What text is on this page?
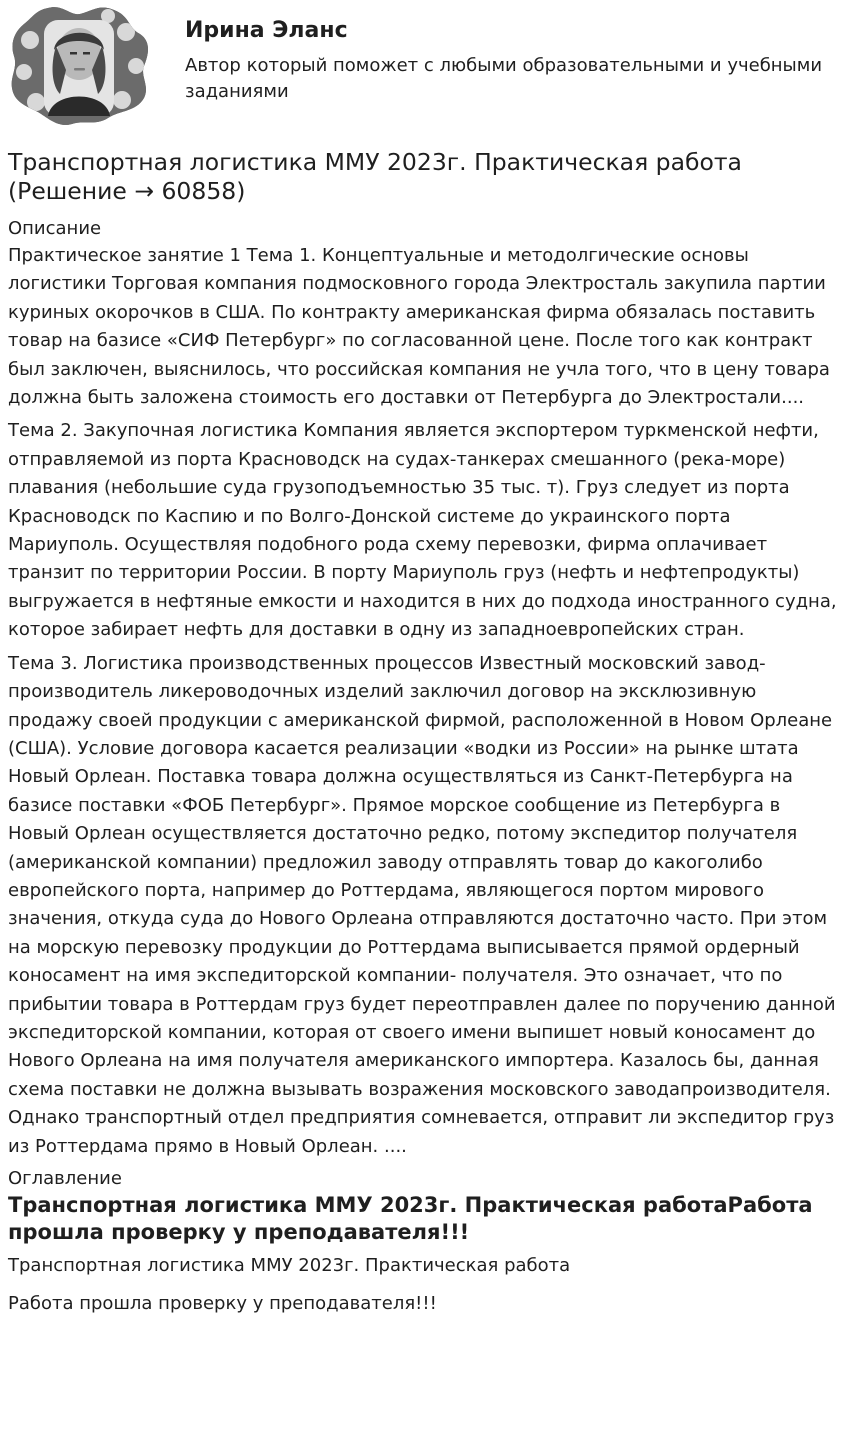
Ирина Эланс
Автор который поможет с любыми образовательными и учебными заданиями
Транспортная логистика ММУ 2023г. Практическая работа (Решение → 60858)

Описание

Практическое занятие 1 Тема 1. Концептуальные и методолгические основы логистики Торговая компания подмосковного города Электросталь закупила партии куриных окорочков в США. По контракту американская фирма обязалась поставить товар на базисе «СИФ Петербург» по согласованной цене. После того как контракт был заключен, выяснилось, что российская компания не учла того, что в цену товара должна быть заложена стоимость его доставки от Петербурга до Электростали....

Тема 2. Закупочная логистика Компания является экспортером туркменской нефти, отправляемой из порта Красноводск на судах-танкерах смешанного (река-море) плавания (небольшие суда грузоподъемностью 35 тыс. т). Груз следует из порта Красноводск по Каспию и по Волго-Донской системе до украинского порта Мариуполь. Осуществляя подобного рода схему перевозки, фирма оплачивает транзит по территории России. В порту Мариуполь груз (нефть и нефтепродукты) выгружается в нефтяные емкости и находится в них до подхода иностранного судна, которое забирает нефть для доставки в одну из западноевропейских стран.

Тема 3. Логистика производственных процессов Известный московский завод-производитель ликероводочных изделий заключил договор на эксклюзивную продажу своей продукции с американской фирмой, расположенной в Новом Орлеане (США). Условие договора касается реализации «водки из России» на рынке штата Новый Орлеан. Поставка товара должна осуществляться из Санкт-Петербурга на базисе поставки «ФОБ Петербург». Прямое морское сообщение из Петербурга в Новый Орлеан осуществляется достаточно редко, потому экспедитор получателя (американской компании) предложил заводу отправлять товар до какоголибо европейского порта, например до Роттердама, являющегося портом мирового значения, откуда суда до Нового Орлеана отправляются достаточно часто. При этом на морскую перевозку продукции до Роттердама выписывается прямой ордерный коносамент на имя экспедиторской компании- получателя. Это означает, что по прибытии товара в Роттердам груз будет переотправлен далее по поручению данной экспедиторской компании, которая от своего имени выпишет новый коносамент до Нового Орлеана на имя получателя американского импортера. Казалось бы, данная схема поставки не должна вызывать возражения московского заводапроизводителя. Однако транспортный отдел предприятия сомневается, отправит ли экспедитор груз из Роттердама прямо в Новый Орлеан. ....

Оглавление

Транспортная логистика ММУ 2023г. Практическая работаРабота прошла проверку у преподавателя!!!

Транспортная логистика ММУ 2023г. Практическая работа

Работа прошла проверку у преподавателя!!!
